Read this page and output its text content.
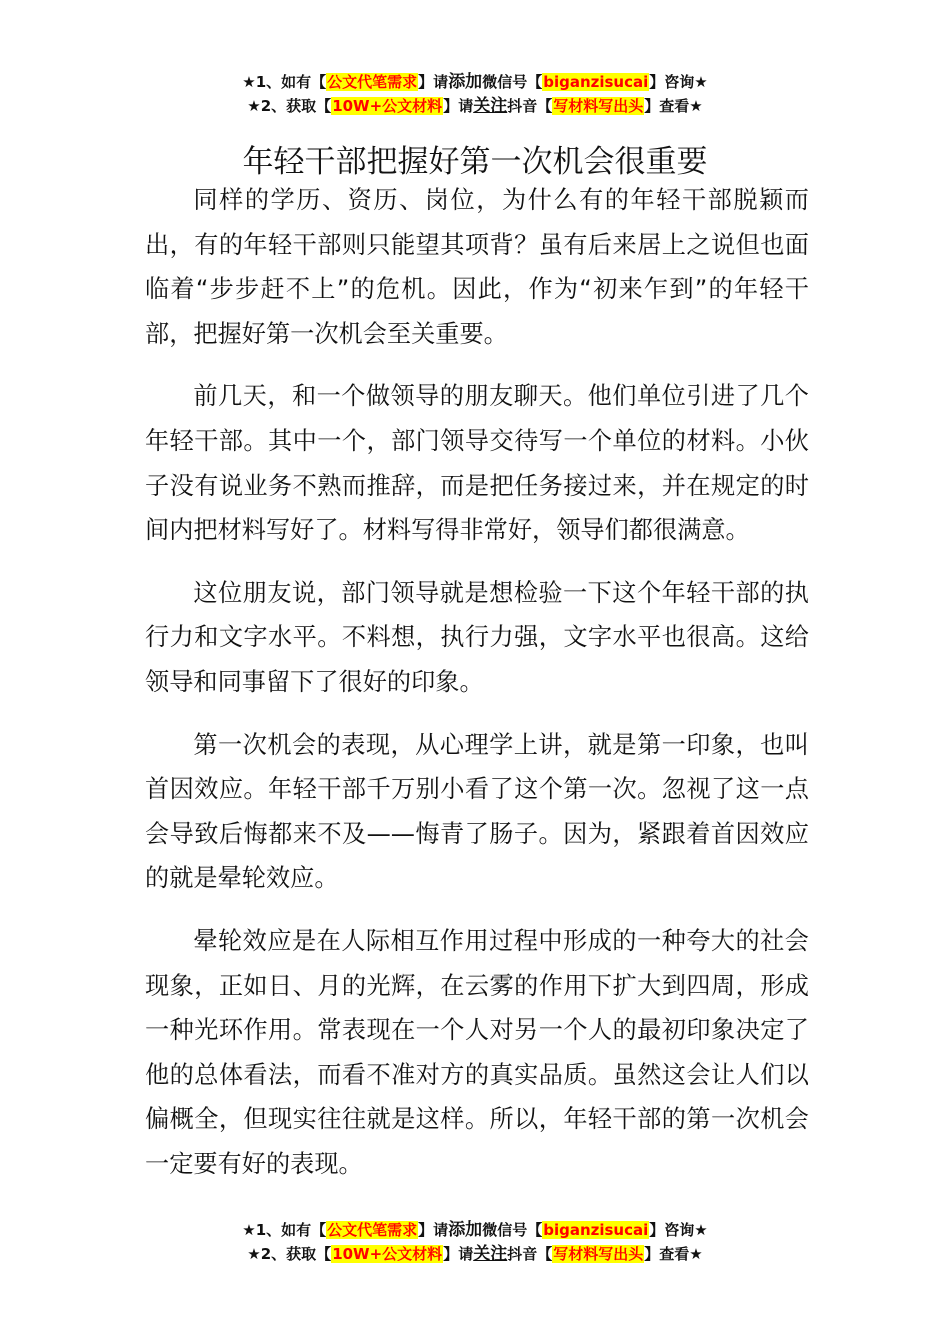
★1、如有【公文代笔需求】请添加微信号【biganzisucai】咨询★
★2、获取【10W+公文材料】请关注抖音【写材料写出头】查看★
年轻干部把握好第一次机会很重要

同样的学历、资历、岗位，为什么有的年轻干部脱颖而出，有的年轻干部则只能望其项背？虽有后来居上之说但也面临着“步步赶不上”的危机。因此，作为“初来乍到”的年轻干部，把握好第一次机会至关重要。

前几天，和一个做领导的朋友聊天。他们单位引进了几个年轻干部。其中一个，部门领导交待写一个单位的材料。小伙子没有说业务不熟而推辞，而是把任务接过来，并在规定的时间内把材料写好了。材料写得非常好，领导们都很满意。

这位朋友说，部门领导就是想检验一下这个年轻干部的执行力和文字水平。不料想，执行力强，文字水平也很高。这给领导和同事留下了很好的印象。

第一次机会的表现，从心理学上讲，就是第一印象，也叫首因效应。年轻干部千万别小看了这个第一次。忽视了这一点会导致后悔都来不及——悔青了肠子。因为，紧跟着首因效应的就是晕轮效应。

晕轮效应是在人际相互作用过程中形成的一种夸大的社会现象，正如日、月的光辉，在云雾的作用下扩大到四周，形成一种光环作用。常表现在一个人对另一个人的最初印象决定了他的总体看法，而看不准对方的真实品质。虽然这会让人们以偏概全，但现实往往就是这样。所以，年轻干部的第一次机会一定要有好的表现。

★1、如有【公文代笔需求】请添加微信号【biganzisucai】咨询★
★2、获取【10W+公文材料】请关注抖音【写材料写出头】查看★
